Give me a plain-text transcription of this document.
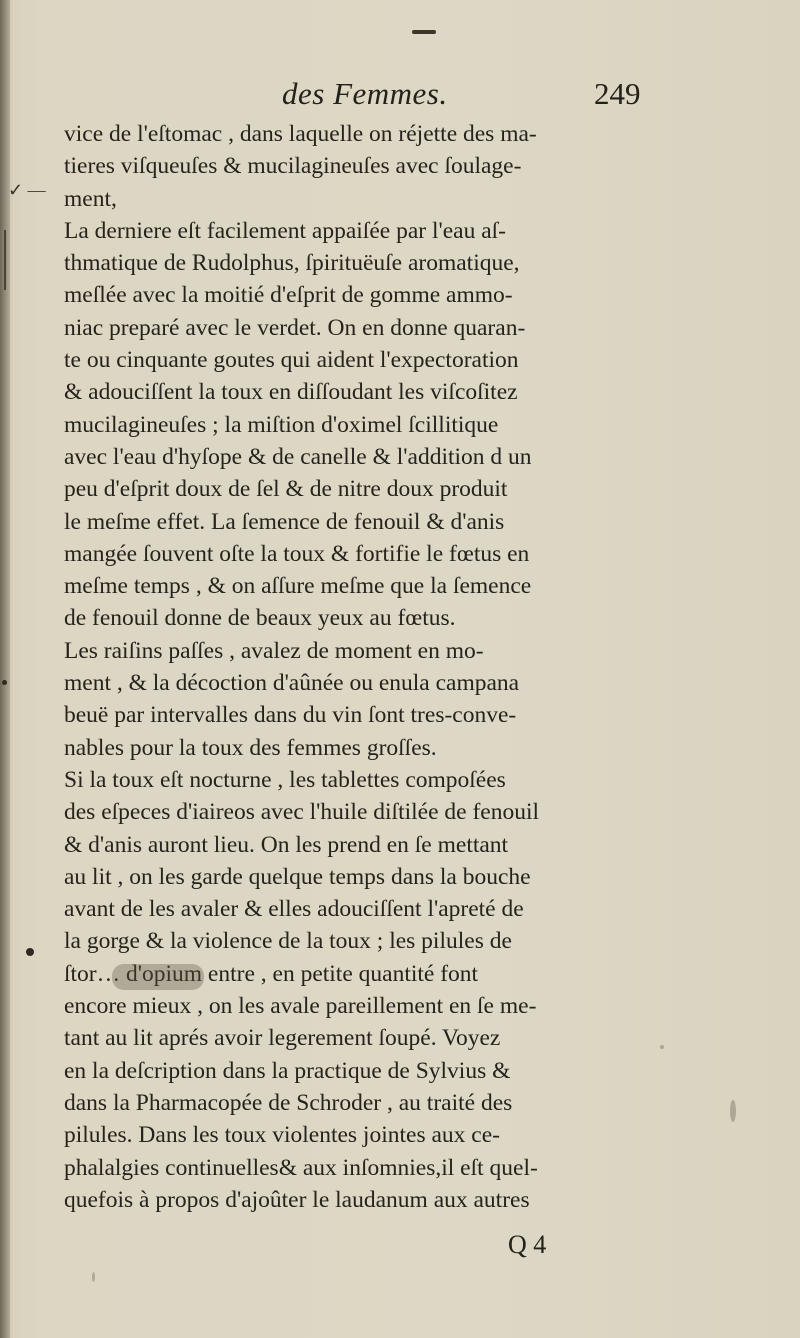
des Femmes.	249
✓ —
vice de l'eſtomac , dans laquelle on réjette des ma-
tieres viſqueuſes & mucilagineuſes avec ſoulage-
ment,
La derniere eſt facilement appaiſée par l'eau aſ-
thmatique de Rudolphus, ſpirituëuſe aromatique,
meſlée avec la moitié d'eſprit de gomme ammo-
niac preparé avec le verdet. On en donne quaran-
te ou cinquante goutes qui aident l'expectoration
& adouciſſent la toux en diſſoudant les viſcoſitez
mucilagineuſes ; la miſtion d'oximel ſcillitique
avec l'eau d'hyſope & de canelle & l'addition d un
peu d'eſprit doux de ſel & de nitre doux produit
le meſme effet. La ſemence de fenouil & d'anis
mangée ſouvent oſte la toux & fortifie le fœtus en
meſme temps , & on aſſure meſme que la ſemence
de fenouil donne de beaux yeux au fœtus.
Les raiſins paſſes , avalez de moment en mo-
ment , & la décoction d'aûnée ou enula campana
beuë par intervalles dans du vin ſont tres-conve-
nables pour la toux des femmes groſſes.
Si la toux eſt nocturne , les tablettes compoſées
des eſpeces d'iaireos avec l'huile diſtilée de fenouil
& d'anis auront lieu. On les prend en ſe mettant
au lit , on les garde quelque temps dans la bouche
avant de les avaler & elles adouciſſent l'apreté de
la gorge & la violence de la toux ; les pilules de
ſtor… d'opium entre , en petite quantité font
encore mieux , on les avale pareillement en ſe me-
tant au lit aprés avoir legerement ſoupé. Voyez
en la deſcription dans la practique de Sylvius &
dans la Pharmacopée de Schroder , au traité des
pilules. Dans les toux violentes jointes aux ce-
phalalgies continuelles& aux inſomnies,il eſt quel-
quefois à propos d'ajoûter le laudanum aux autres
Q 4
